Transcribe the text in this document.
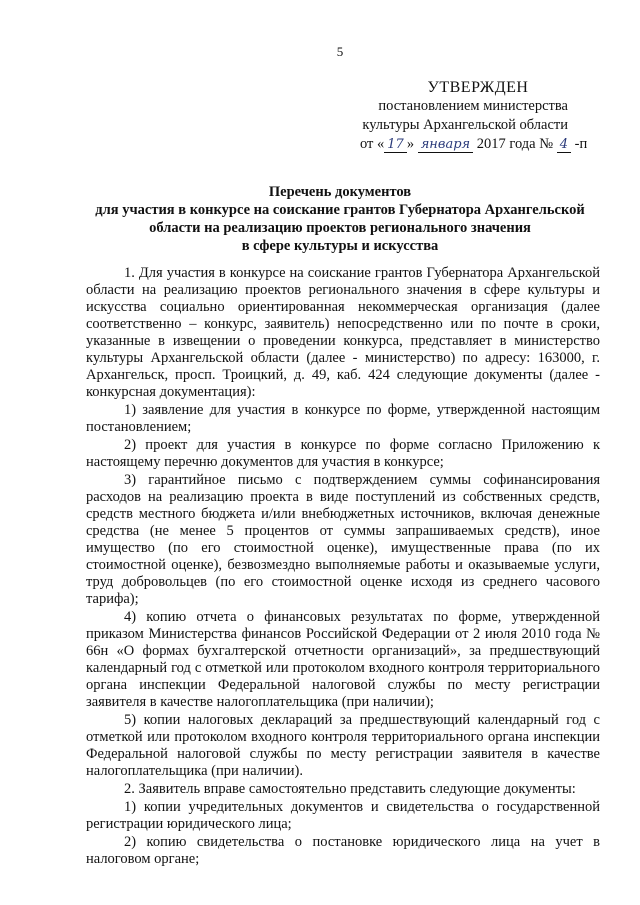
5
УТВЕРЖДЕН
постановлением министерства
культуры Архангельской области
от « 17 » января 2017 года № 4 -п
Перечень документов
для участия в конкурсе на соискание грантов Губернатора Архангельской
области на реализацию проектов регионального значения
в сфере культуры и искусства

1. Для участия в конкурсе на соискание грантов Губернатора Архангельской области на реализацию проектов регионального значения в сфере культуры и искусства социально ориентированная некоммерческая организация (далее соответственно – конкурс, заявитель) непосредственно или по почте в сроки, указанные в извещении о проведении конкурса, представляет в министерство культуры Архангельской области (далее - министерство) по адресу: 163000, г. Архангельск, просп. Троицкий, д. 49, каб. 424 следующие документы (далее - конкурсная документация):

1) заявление для участия в конкурсе по форме, утвержденной настоящим постановлением;

2) проект для участия в конкурсе по форме согласно Приложению к настоящему перечню документов для участия в конкурсе;

3) гарантийное письмо с подтверждением суммы софинансирования расходов на реализацию проекта в виде поступлений из собственных средств, средств местного бюджета и/или внебюджетных источников, включая денежные средства (не менее 5 процентов от суммы запрашиваемых средств), иное имущество (по его стоимостной оценке), имущественные права (по их стоимостной оценке), безвозмездно выполняемые работы и оказываемые услуги, труд добровольцев (по его стоимостной оценке исходя из среднего часового тарифа);

4) копию отчета о финансовых результатах по форме, утвержденной приказом Министерства финансов Российской Федерации от 2 июля 2010 года № 66н «О формах бухгалтерской отчетности организаций», за предшествующий календарный год с отметкой или протоколом входного контроля территориального органа инспекции Федеральной налоговой службы по месту регистрации заявителя в качестве налогоплательщика (при наличии);

5) копии налоговых деклараций за предшествующий календарный год с отметкой или протоколом входного контроля территориального органа инспекции Федеральной налоговой службы по месту регистрации заявителя в качестве налогоплательщика (при наличии).

2. Заявитель вправе самостоятельно представить следующие документы:

1) копии учредительных документов и свидетельства о государственной регистрации юридического лица;

2) копию свидетельства о постановке юридического лица на учет в налоговом органе;
